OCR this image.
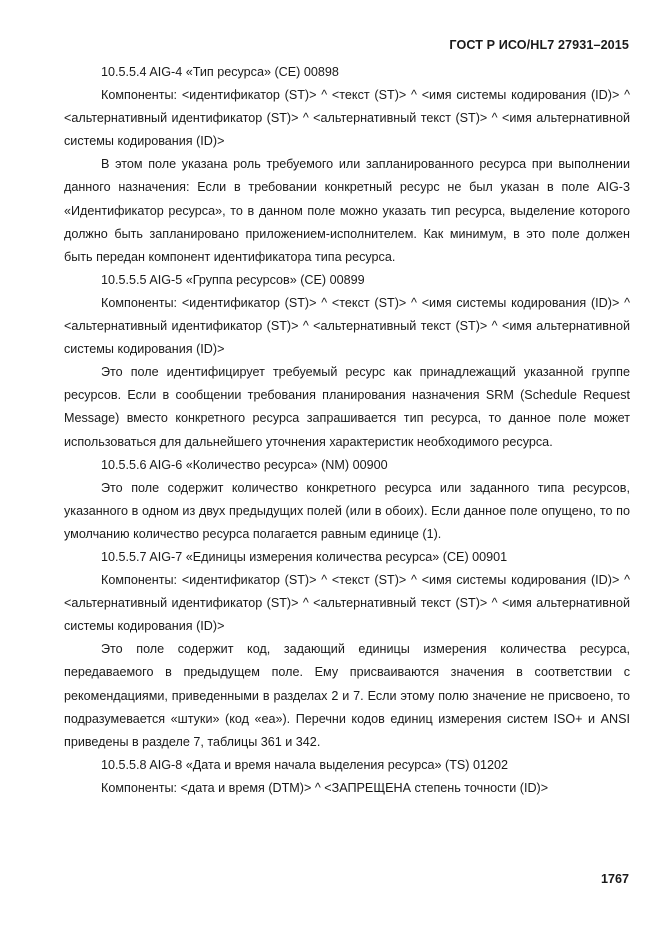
ГОСТ Р ИСО/HL7 27931–2015

10.5.5.4 AIG-4 «Тип ресурса» (CE) 00898

Компоненты: <идентификатор (ST)> ^ <текст (ST)> ^ <имя системы кодирования (ID)> ^ <альтернативный идентификатор (ST)> ^ <альтернативный текст (ST)> ^ <имя альтернативной системы кодирования (ID)>

В этом поле указана роль требуемого или запланированного ресурса при выполнении данного назначения: Если в требовании конкретный ресурс не был указан в поле AIG-3 «Идентификатор ресурса», то в данном поле можно указать тип ресурса, выделение которого должно быть запланировано приложением-исполнителем. Как минимум, в это поле должен быть передан компонент идентификатора типа ресурса.

10.5.5.5 AIG-5 «Группа ресурсов» (CE) 00899

Компоненты: <идентификатор (ST)> ^ <текст (ST)> ^ <имя системы кодирования (ID)> ^ <альтернативный идентификатор (ST)> ^ <альтернативный текст (ST)> ^ <имя альтернативной системы кодирования (ID)>

Это поле идентифицирует требуемый ресурс как принадлежащий указанной группе ресурсов. Если в сообщении требования планирования назначения SRM (Schedule Request Message) вместо конкретного ресурса запрашивается тип ресурса, то данное поле может использоваться для дальнейшего уточнения характеристик необходимого ресурса.

10.5.5.6 AIG-6 «Количество ресурса» (NM) 00900

Это поле содержит количество конкретного ресурса или заданного типа ресурсов, указанного в одном из двух предыдущих полей (или в обоих). Если данное поле опущено, то по умолчанию количество ресурса полагается равным единице (1).

10.5.5.7 AIG-7 «Единицы измерения количества ресурса» (CE) 00901

Компоненты: <идентификатор (ST)> ^ <текст (ST)> ^ <имя системы кодирования (ID)> ^ <альтернативный идентификатор (ST)> ^ <альтернативный текст (ST)> ^ <имя альтернативной системы кодирования (ID)>

Это поле содержит код, задающий единицы измерения количества ресурса, передаваемого в предыдущем поле. Ему присваиваются значения в соответствии с рекомендациями, приведенными в разделах 2 и 7. Если этому полю значение не присвоено, то подразумевается «штуки» (код «ea»). Перечни кодов единиц измерения систем ISO+ и ANSI приведены в разделе 7, таблицы 361 и 342.

10.5.5.8 AIG-8 «Дата и время начала выделения ресурса» (TS) 01202

Компоненты: <дата и время (DTM)> ^ <ЗАПРЕЩЕНА степень точности (ID)>

1767
